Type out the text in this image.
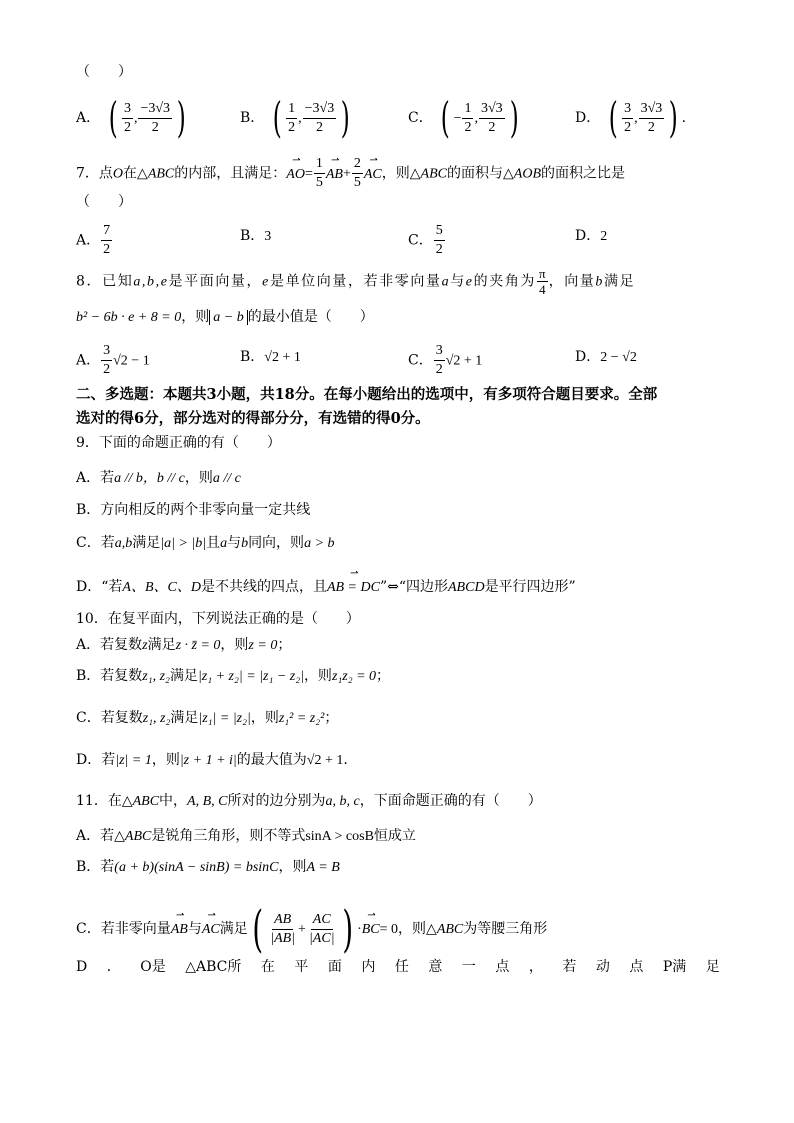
（　　）
A． ( $\frac{3}{2}$ , $\frac{-3√3}{2}$ )	B． ( $\frac{1}{2}$ , $\frac{-3√3}{2}$ )	C． ( − $\frac{1}{2}$ , $\frac{3√3}{2}$ )	D． ( $\frac{3}{2}$ , $\frac{3√3}{2}$ ) .
7．点O在△ABC的内部，且满足：AO ⇀= $\frac{1}{5}$ AB ⇀+ $\frac{2}{5}$ AC ⇀，则△ABC的面积与△AOB的面积之比是
（　　）
A． $\frac{7}{2}$	B．3	C． $\frac{5}{2}$	D．2
8．已知a,b,e是平面向量，e是单位向量，若非零向量a与e的夹角为 $\frac{\pi}{4}$ ，向量b满足
b² − 6b · e + 8 = 0，则 a − b 的最小值是（　　）
A． $\frac{3}{2} √2 - 1$	B．√2 + 1	C． $\frac{3}{2} √2 + 1$	D．2 − √2
二、多选题：本题共3小题，共18分。在每小题给出的选项中，有多项符合题目要求。全部
选对的得6分，部分选对的得部分分，有选错的得0分。
9．下面的命题正确的有（　　）
A．若a // b，b // c，则a // c
B．方向相反的两个非零向量一定共线
C．若a,b满足|a| > |b|且a与b同向，则a > b
D．“若A、B、C、D是不共线的四点，且AB = DC ⇀”⇔“四边形ABCD是平行四边形”
10．在复平面内，下列说法正确的是（　　）
A．若复数z满足z · z̄ = 0，则z = 0；
B．若复数z₁, z₂满足|z₁ + z₂| = |z₁ − z₂|，则z₁z₂ = 0；
C．若复数z₁, z₂满足|z₁| = |z₂|，则z₁² = z₂²；
D．若|z| = 1，则|z + 1 + i|的最大值为√2 + 1.
11．在△ABC中，A, B, C所对的边分别为a, b, c，下面命题正确的有（　　）
A．若△ABC是锐角三角形，则不等式sinA > cosB恒成立
B．若(a + b)(sinA − sinB) = bsinC，则A = B
C．若非零向量AB ⇀与AC ⇀满足( $\frac{AB}{|AB|} + \frac{AC}{|AC|}$ ) ·BC ⇀= 0，则△ABC为等腰三角形
D ． O是 △ABC所 在 平 面 内 任 意 一 点 ， 若 动 点 P满 足
